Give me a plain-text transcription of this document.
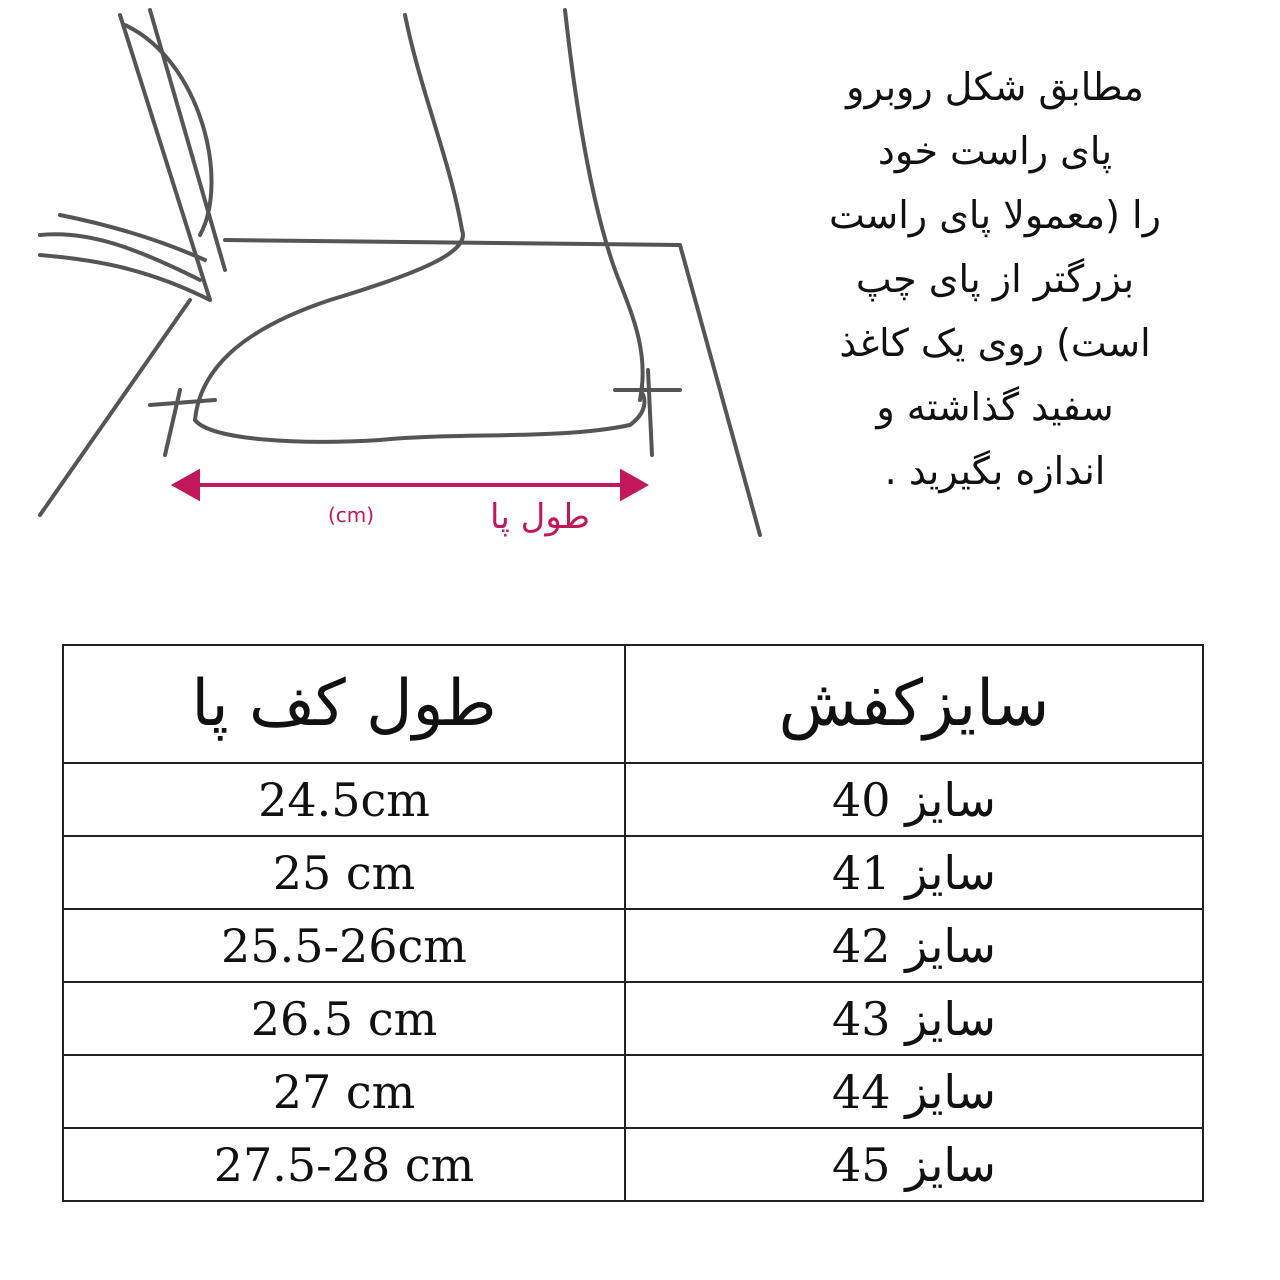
طول پا
(cm)
مطابق شکل روبرو
پای راست خود
را (معمولا پای راست
بزرگتر از پای چپ
است) روی یک کاغذ
سفید گذاشته و
اندازه بگیرید .
طول کف پا	سایزکفش
24.5cm	40 سایز
25 cm	41 سایز
25.5-26cm	42 سایز
26.5 cm	43 سایز
27 cm	44 سایز
27.5-28 cm	45 سایز
